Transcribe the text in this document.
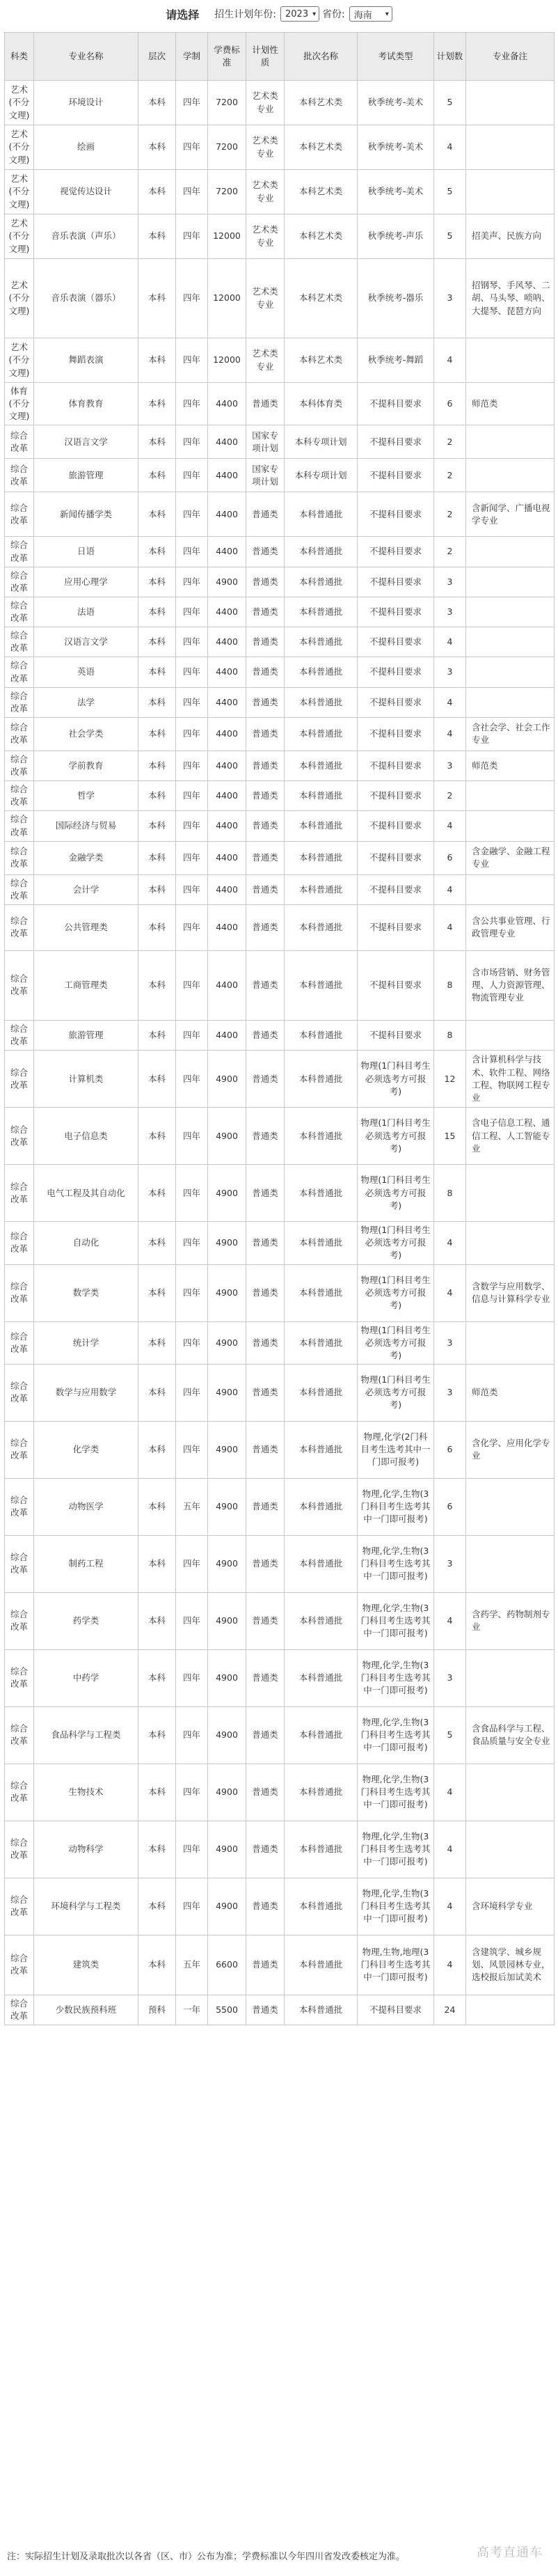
请选择 招生计划年份: 2023 ▾ 省份: 海南 ▾
科类	专业名称	层次	学制	学费标准	计划性质	批次名称	考试类型	计划数	专业备注
艺术(不分文理)	环境设计	本科	四年	7200	艺术类专业	本科艺术类	秋季统考-美术	5	
艺术(不分文理)	绘画	本科	四年	7200	艺术类专业	本科艺术类	秋季统考-美术	4	
艺术(不分文理)	视觉传达设计	本科	四年	7200	艺术类专业	本科艺术类	秋季统考-美术	5	
艺术(不分文理)	音乐表演（声乐）	本科	四年	12000	艺术类专业	本科艺术类	秋季统考-声乐	5	招美声、民族方向
艺术(不分文理)	音乐表演（器乐）	本科	四年	12000	艺术类专业	本科艺术类	秋季统考-器乐	3	招钢琴、手风琴、二胡、马头琴、唢呐、大提琴、琵琶方向
艺术(不分文理)	舞蹈表演	本科	四年	12000	艺术类专业	本科艺术类	秋季统考-舞蹈	4	
体育(不分文理)	体育教育	本科	四年	4400	普通类	本科体育类	不提科目要求	6	师范类
综合改革	汉语言文学	本科	四年	4400	国家专项计划	本科专项计划	不提科目要求	2	
综合改革	旅游管理	本科	四年	4400	国家专项计划	本科专项计划	不提科目要求	2	
综合改革	新闻传播学类	本科	四年	4400	普通类	本科普通批	不提科目要求	2	含新闻学、广播电视学专业
综合改革	日语	本科	四年	4400	普通类	本科普通批	不提科目要求	2	
综合改革	应用心理学	本科	四年	4900	普通类	本科普通批	不提科目要求	3	
综合改革	法语	本科	四年	4400	普通类	本科普通批	不提科目要求	3	
综合改革	汉语言文学	本科	四年	4400	普通类	本科普通批	不提科目要求	4	
综合改革	英语	本科	四年	4400	普通类	本科普通批	不提科目要求	3	
综合改革	法学	本科	四年	4400	普通类	本科普通批	不提科目要求	4	
综合改革	社会学类	本科	四年	4400	普通类	本科普通批	不提科目要求	4	含社会学、社会工作专业
综合改革	学前教育	本科	四年	4400	普通类	本科普通批	不提科目要求	3	师范类
综合改革	哲学	本科	四年	4400	普通类	本科普通批	不提科目要求	2	
综合改革	国际经济与贸易	本科	四年	4400	普通类	本科普通批	不提科目要求	4	
综合改革	金融学类	本科	四年	4400	普通类	本科普通批	不提科目要求	6	含金融学、金融工程专业
综合改革	会计学	本科	四年	4400	普通类	本科普通批	不提科目要求	4	
综合改革	公共管理类	本科	四年	4400	普通类	本科普通批	不提科目要求	4	含公共事业管理、行政管理专业
综合改革	工商管理类	本科	四年	4400	普通类	本科普通批	不提科目要求	8	含市场营销、财务管理、人力资源管理、物流管理专业
综合改革	旅游管理	本科	四年	4400	普通类	本科普通批	不提科目要求	8	
综合改革	计算机类	本科	四年	4900	普通类	本科普通批	物理(1门科目考生必须选考方可报考)	12	含计算机科学与技术、软件工程、网络工程、物联网工程专业
综合改革	电子信息类	本科	四年	4900	普通类	本科普通批	物理(1门科目考生必须选考方可报考)	15	含电子信息工程、通信工程、人工智能专业
综合改革	电气工程及其自动化	本科	四年	4900	普通类	本科普通批	物理(1门科目考生必须选考方可报考)	8	
综合改革	自动化	本科	四年	4900	普通类	本科普通批	物理(1门科目考生必须选考方可报考)	4	
综合改革	数学类	本科	四年	4900	普通类	本科普通批	物理(1门科目考生必须选考方可报考)	4	含数学与应用数学、信息与计算科学专业
综合改革	统计学	本科	四年	4900	普通类	本科普通批	物理(1门科目考生必须选考方可报考)	3	
综合改革	数学与应用数学	本科	四年	4900	普通类	本科普通批	物理(1门科目考生必须选考方可报考)	3	师范类
综合改革	化学类	本科	四年	4900	普通类	本科普通批	物理,化学(2门科目考生选考其中一门即可报考)	6	含化学、应用化学专业
综合改革	动物医学	本科	五年	4900	普通类	本科普通批	物理,化学,生物(3门科目考生选考其中一门即可报考)	6	
综合改革	制药工程	本科	四年	4900	普通类	本科普通批	物理,化学,生物(3门科目考生选考其中一门即可报考)	3	
综合改革	药学类	本科	四年	4900	普通类	本科普通批	物理,化学,生物(3门科目考生选考其中一门即可报考)	4	含药学、药物制剂专业
综合改革	中药学	本科	四年	4900	普通类	本科普通批	物理,化学,生物(3门科目考生选考其中一门即可报考)	3	
综合改革	食品科学与工程类	本科	四年	4900	普通类	本科普通批	物理,化学,生物(3门科目考生选考其中一门即可报考)	5	含食品科学与工程、食品质量与安全专业
综合改革	生物技术	本科	四年	4900	普通类	本科普通批	物理,化学,生物(3门科目考生选考其中一门即可报考)	4	
综合改革	动物科学	本科	四年	4900	普通类	本科普通批	物理,化学,生物(3门科目考生选考其中一门即可报考)	4	
综合改革	环境科学与工程类	本科	四年	4900	普通类	本科普通批	物理,化学,生物(3门科目考生选考其中一门即可报考)	4	含环境科学专业
综合改革	建筑类	本科	五年	6600	普通类	本科普通批	物理,生物,地理(3门科目考生选考其中一门即可报考)	4	含建筑学、城乡规划、风景园林专业，选校报后加试美术
综合改革	少数民族预科班	预科	一年	5500	普通类	本科普通批	不提科目要求	24	
注：实际招生计划及录取批次以各省（区、市）公布为准；学费标准以今年四川省发改委核定为准。	高考直通车
